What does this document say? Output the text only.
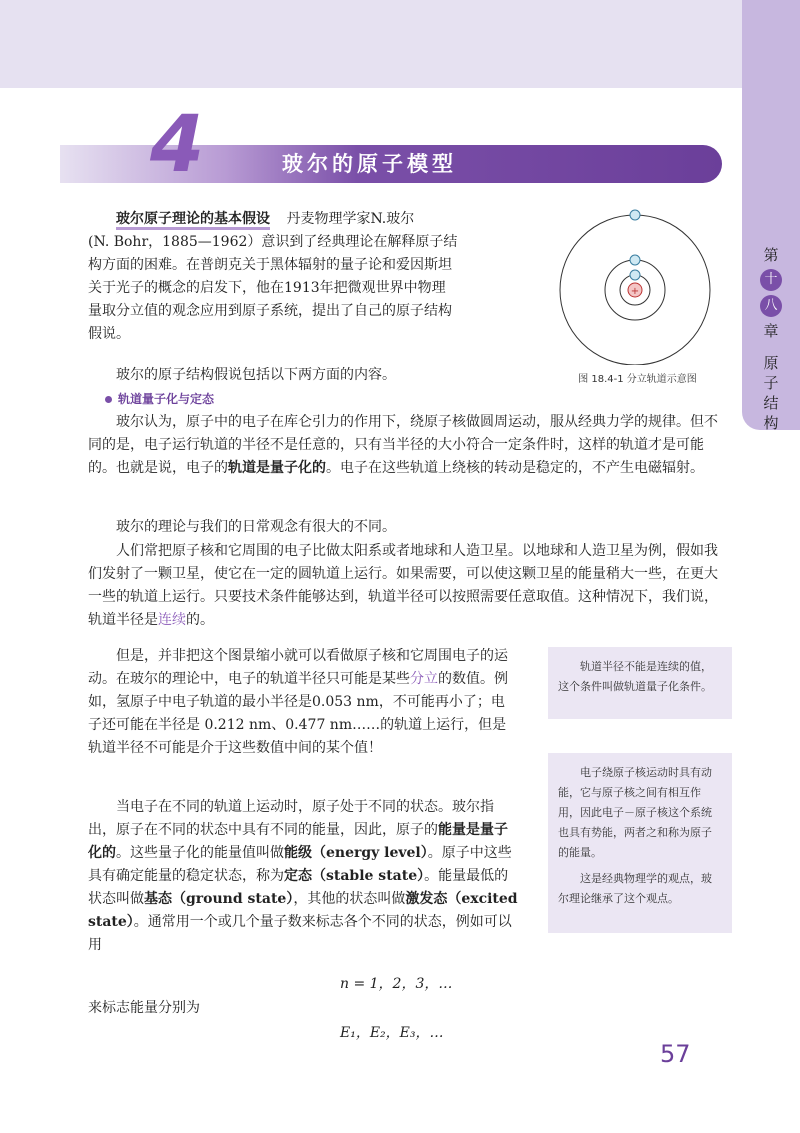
第
十
八
章
原
子
结
构
4	玻尔的原子模型
+
图 18.4-1 分立轨道示意图

玻尔原子理论的基本假设 丹麦物理学家N.玻尔
(N. Bohr，1885—1962）意识到了经典理论在解释原子结
构方面的困难。在普朗克关于黑体辐射的量子论和爱因斯坦
关于光子的概念的启发下，他在1913年把微观世界中物理
量取分立值的观念应用到原子系统，提出了自己的原子结构
假说。

玻尔的原子结构假说包括以下两方面的内容。

轨道量子化与定态

玻尔认为，原子中的电子在库仑引力的作用下，绕原子核做圆周运动，服从经典力学的规律。但不同的是，电子运行轨道的半径不是任意的，只有当半径的大小符合一定条件时，这样的轨道才是可能的。也就是说，电子的轨道是量子化的。电子在这些轨道上绕核的转动是稳定的，不产生电磁辐射。

玻尔的理论与我们的日常观念有很大的不同。

人们常把原子核和它周围的电子比做太阳系或者地球和人造卫星。以地球和人造卫星为例，假如我们发射了一颗卫星，使它在一定的圆轨道上运行。如果需要，可以使这颗卫星的能量稍大一些，在更大一些的轨道上运行。只要技术条件能够达到，轨道半径可以按照需要任意取值。这种情况下，我们说，轨道半径是连续的。

但是，并非把这个图景缩小就可以看做原子核和它周围电子的运动。在玻尔的理论中，电子的轨道半径只可能是某些分立的数值。例如，氢原子中电子轨道的最小半径是0.053 nm，不可能再小了；电子还可能在半径是 0.212 nm、0.477 nm……的轨道上运行，但是轨道半径不可能是介于这些数值中间的某个值！

当电子在不同的轨道上运动时，原子处于不同的状态。玻尔指出，原子在不同的状态中具有不同的能量，因此，原子的能量是量子化的。这些量子化的能量值叫做能级（energy level）。原子中这些具有确定能量的稳定状态，称为定态（stable state）。能量最低的状态叫做基态（ground state），其他的状态叫做激发态（excited state）。通常用一个或几个量子数来标志各个不同的状态，例如可以用

n = 1，2，3，…

来标志能量分别为

E₁，E₂，E₃，…
轨道半径不能是连续的值，这个条件叫做轨道量子化条件。
电子绕原子核运动时具有动能，它与原子核之间有相互作用，因此电子－原子核这个系统也具有势能，两者之和称为原子的能量。
这是经典物理学的观点，玻尔理论继承了这个观点。
57
